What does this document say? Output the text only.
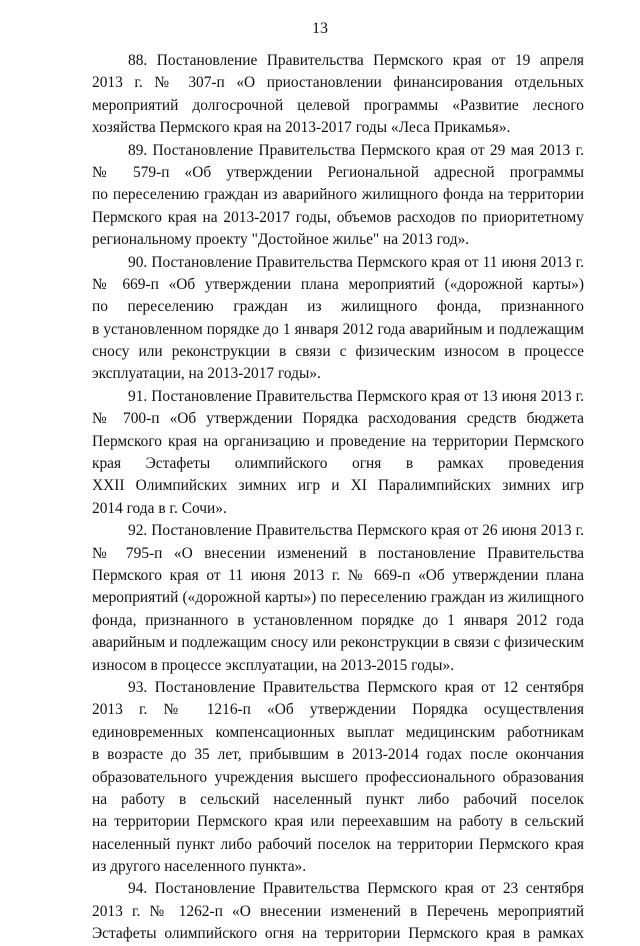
13
88. Постановление Правительства Пермского края от 19 апреля
2013 г. № 307-п «О приостановлении финансирования отдельных
мероприятий долгосрочной целевой программы «Развитие лесного
хозяйства Пермского края на 2013-2017 годы «Леса Прикамья».
89. Постановление Правительства Пермского края от 29 мая 2013 г.
№ 579-п «Об утверждении Региональной адресной программы
по переселению граждан из аварийного жилищного фонда на территории
Пермского края на 2013-2017 годы, объемов расходов по приоритетному
региональному проекту "Достойное жилье" на 2013 год».
90. Постановление Правительства Пермского края от 11 июня 2013 г.
№ 669-п «Об утверждении плана мероприятий («дорожной карты»)
по переселению граждан из жилищного фонда, признанного
в установленном порядке до 1 января 2012 года аварийным и подлежащим
сносу или реконструкции в связи с физическим износом в процессе
эксплуатации, на 2013-2017 годы».
91. Постановление Правительства Пермского края от 13 июня 2013 г.
№ 700-п «Об утверждении Порядка расходования средств бюджета
Пермского края на организацию и проведение на территории Пермского
края Эстафеты олимпийского огня в рамках проведения
XXII Олимпийских зимних игр и XI Паралимпийских зимних игр
2014 года в г. Сочи».
92. Постановление Правительства Пермского края от 26 июня 2013 г.
№ 795-п «О внесении изменений в постановление Правительства
Пермского края от 11 июня 2013 г. № 669-п «Об утверждении плана
мероприятий («дорожной карты») по переселению граждан из жилищного
фонда, признанного в установленном порядке до 1 января 2012 года
аварийным и подлежащим сносу или реконструкции в связи с физическим
износом в процессе эксплуатации, на 2013-2015 годы».
93. Постановление Правительства Пермского края от 12 сентября
2013 г. № 1216-п «Об утверждении Порядка осуществления
единовременных компенсационных выплат медицинским работникам
в возрасте до 35 лет, прибывшим в 2013-2014 годах после окончания
образовательного учреждения высшего профессионального образования
на работу в сельский населенный пункт либо рабочий поселок
на территории Пермского края или переехавшим на работу в сельский
населенный пункт либо рабочий поселок на территории Пермского края
из другого населенного пункта».
94. Постановление Правительства Пермского края от 23 сентября
2013 г. № 1262-п «О внесении изменений в Перечень мероприятий
Эстафеты олимпийского огня на территории Пермского края в рамках
